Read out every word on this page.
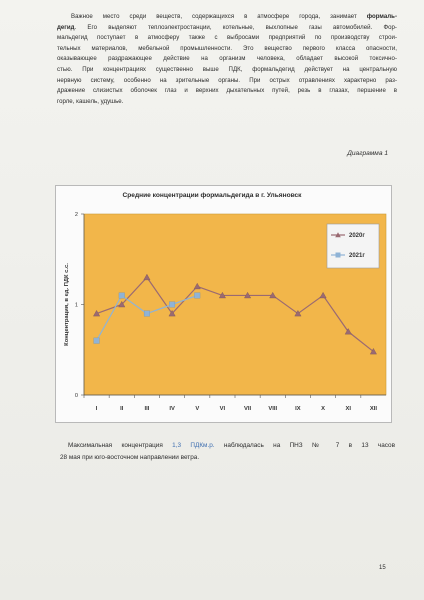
Важное место среди веществ, содержащихся в атмосфере города, занимает формаль-
дегид. Его выделяют теплоэлектростанции, котельные, выхлопные газы автомобилей. Фор-
мальдегид поступает в атмосферу также с выбросами предприятий по производству строи-
тельных материалов, мебельной промышленности. Это вещество первого класса опасности,
оказывающее раздражающее действие на организм человека, обладает высокой токсично-
стью. При концентрациях существенно выше ПДК, формальдегид действует на центральную
нервную систему, особенно на зрительные органы. При острых отравлениях характерно раз-
дражение слизистых оболочек глаз и верхних дыхательных путей, резь в глазах, першение в
горле, кашель, удушье.

Диаграмма 1
Средние концентрации формальдегида в г. Ульяновск
0
1
2
I	II	III	IV	V	VI	VII	VIII	IX	X	XI	XII
Концентрация, в ед. ПДК с.с.
2020г
2021г
Максимальная концентрация 1,3 ПДКм.р. наблюдалась на ПНЗ № 7 в 13 часов
28 мая при юго-восточном направлении ветра.
15
